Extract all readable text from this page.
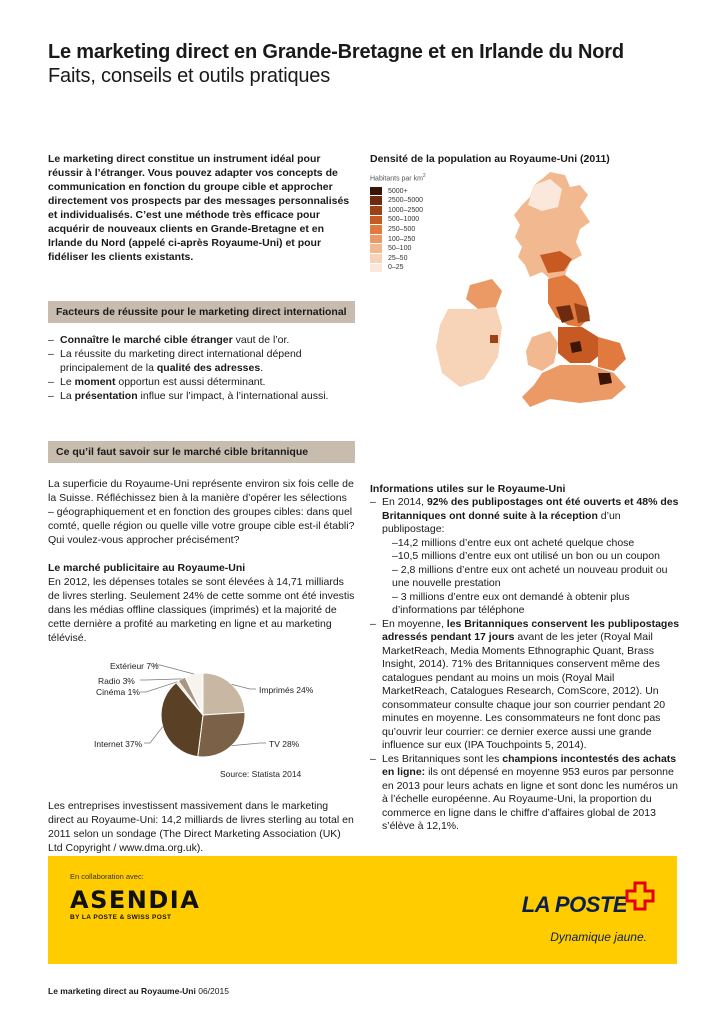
Le marketing direct en Grande-Bretagne et en Irlande du Nord
Faits, conseils et outils pratiques

Le marketing direct constitue un instrument idéal pour réussir à l’étranger. Vous pouvez adapter vos concepts de communication en fonction du groupe cible et approcher directement vos prospects par des messages personnalisés et individualisés. C’est une méthode très efficace pour acquérir de nouveaux clients en Grande-Bretagne et en Irlande du Nord (appelé ci-après Royaume-Uni) et pour fidéliser les clients existants.

Facteurs de réussite pour le marketing direct international
– Connaître le marché cible étranger vaut de l’or.
– La réussite du marketing direct international dépend principalement de la qualité des adresses.
– Le moment opportun est aussi déterminant.
– La présentation influe sur l’impact, à l’international aussi.
Ce qu’il faut savoir sur le marché cible britannique

La superficie du Royaume-Uni représente environ six fois celle de la Suisse. Réfléchissez bien à la manière d’opérer les sélections – géographiquement et en fonction des groupes cibles: dans quel comté, quelle région ou quelle ville votre groupe cible est-il établi? Qui voulez-vous approcher précisément?

Le marché publicitaire au Royaume-Uni

En 2012, les dépenses totales se sont élevées à 14,71 milliards de livres sterling. Seulement 24% de cette somme ont été investis dans les médias offline classiques (imprimés) et la majorité de cette dernière a profité au marketing en ligne et au marketing télévisé.

Extérieur 7%
Radio 3%
Cinéma 1%	Imprimés 24%
TV 28%
Internet 37%
Source: Statista 2014

Les entreprises investissent massivement dans le marketing direct au Royaume-Uni: 14,2 milliards de livres sterling au total en 2011 selon un sondage (The Direct Marketing Association (UK) Ltd Copyright / www.dma.org.uk).

Densité de la population au Royaume-Uni (2011)
Habitants par $km^2$
5000+
2500–5000
1000–2500
500–1000
250–500
100–250
50–100
25–50
0–25

Informations utiles sur le Royaume-Uni

– En 2014, 92% des publipostages ont été ouverts et 48% des Britanniques ont donné suite à la réception d’un publipostage:
–14,2 millions d’entre eux ont acheté quelque chose
–10,5 millions d’entre eux ont utilisé un bon ou un coupon
– 2,8 millions d’entre eux ont acheté un nouveau produit ou une nouvelle prestation
– 3 millions d’entre eux ont demandé à obtenir plus d’informations par téléphone
– En moyenne, les Britanniques conservent les publipostages adressés pendant 17 jours avant de les jeter (Royal Mail MarketReach, Media Moments Ethnographic Quant, Brass Insight, 2014). 71% des Britanniques conservent même des catalogues pendant au moins un mois (Royal Mail MarketReach, Catalogues Research, ComScore, 2012). Un consommateur consulte chaque jour son courrier pendant 20 minutes en moyenne. Les consommateurs ne font donc pas qu’ouvrir leur courrier: ce dernier exerce aussi une grande influence sur eux (IPA Touchpoints 5, 2014).
– Les Britanniques sont les champions incontestés des achats en ligne: ils ont dépensé en moyenne 953 euros par personne en 2013 pour leurs achats en ligne et sont donc les numéros un à l’échelle européenne. Au Royaume-Uni, la proportion du commerce en ligne dans le chiffre d’affaires global de 2013 s’élève à 12,1%.
En collaboration avec:
ASENDIA
BY LA POSTE & SWISS POST
LA POSTE
Dynamique jaune.
Le marketing direct au Royaume-Uni 06/2015
